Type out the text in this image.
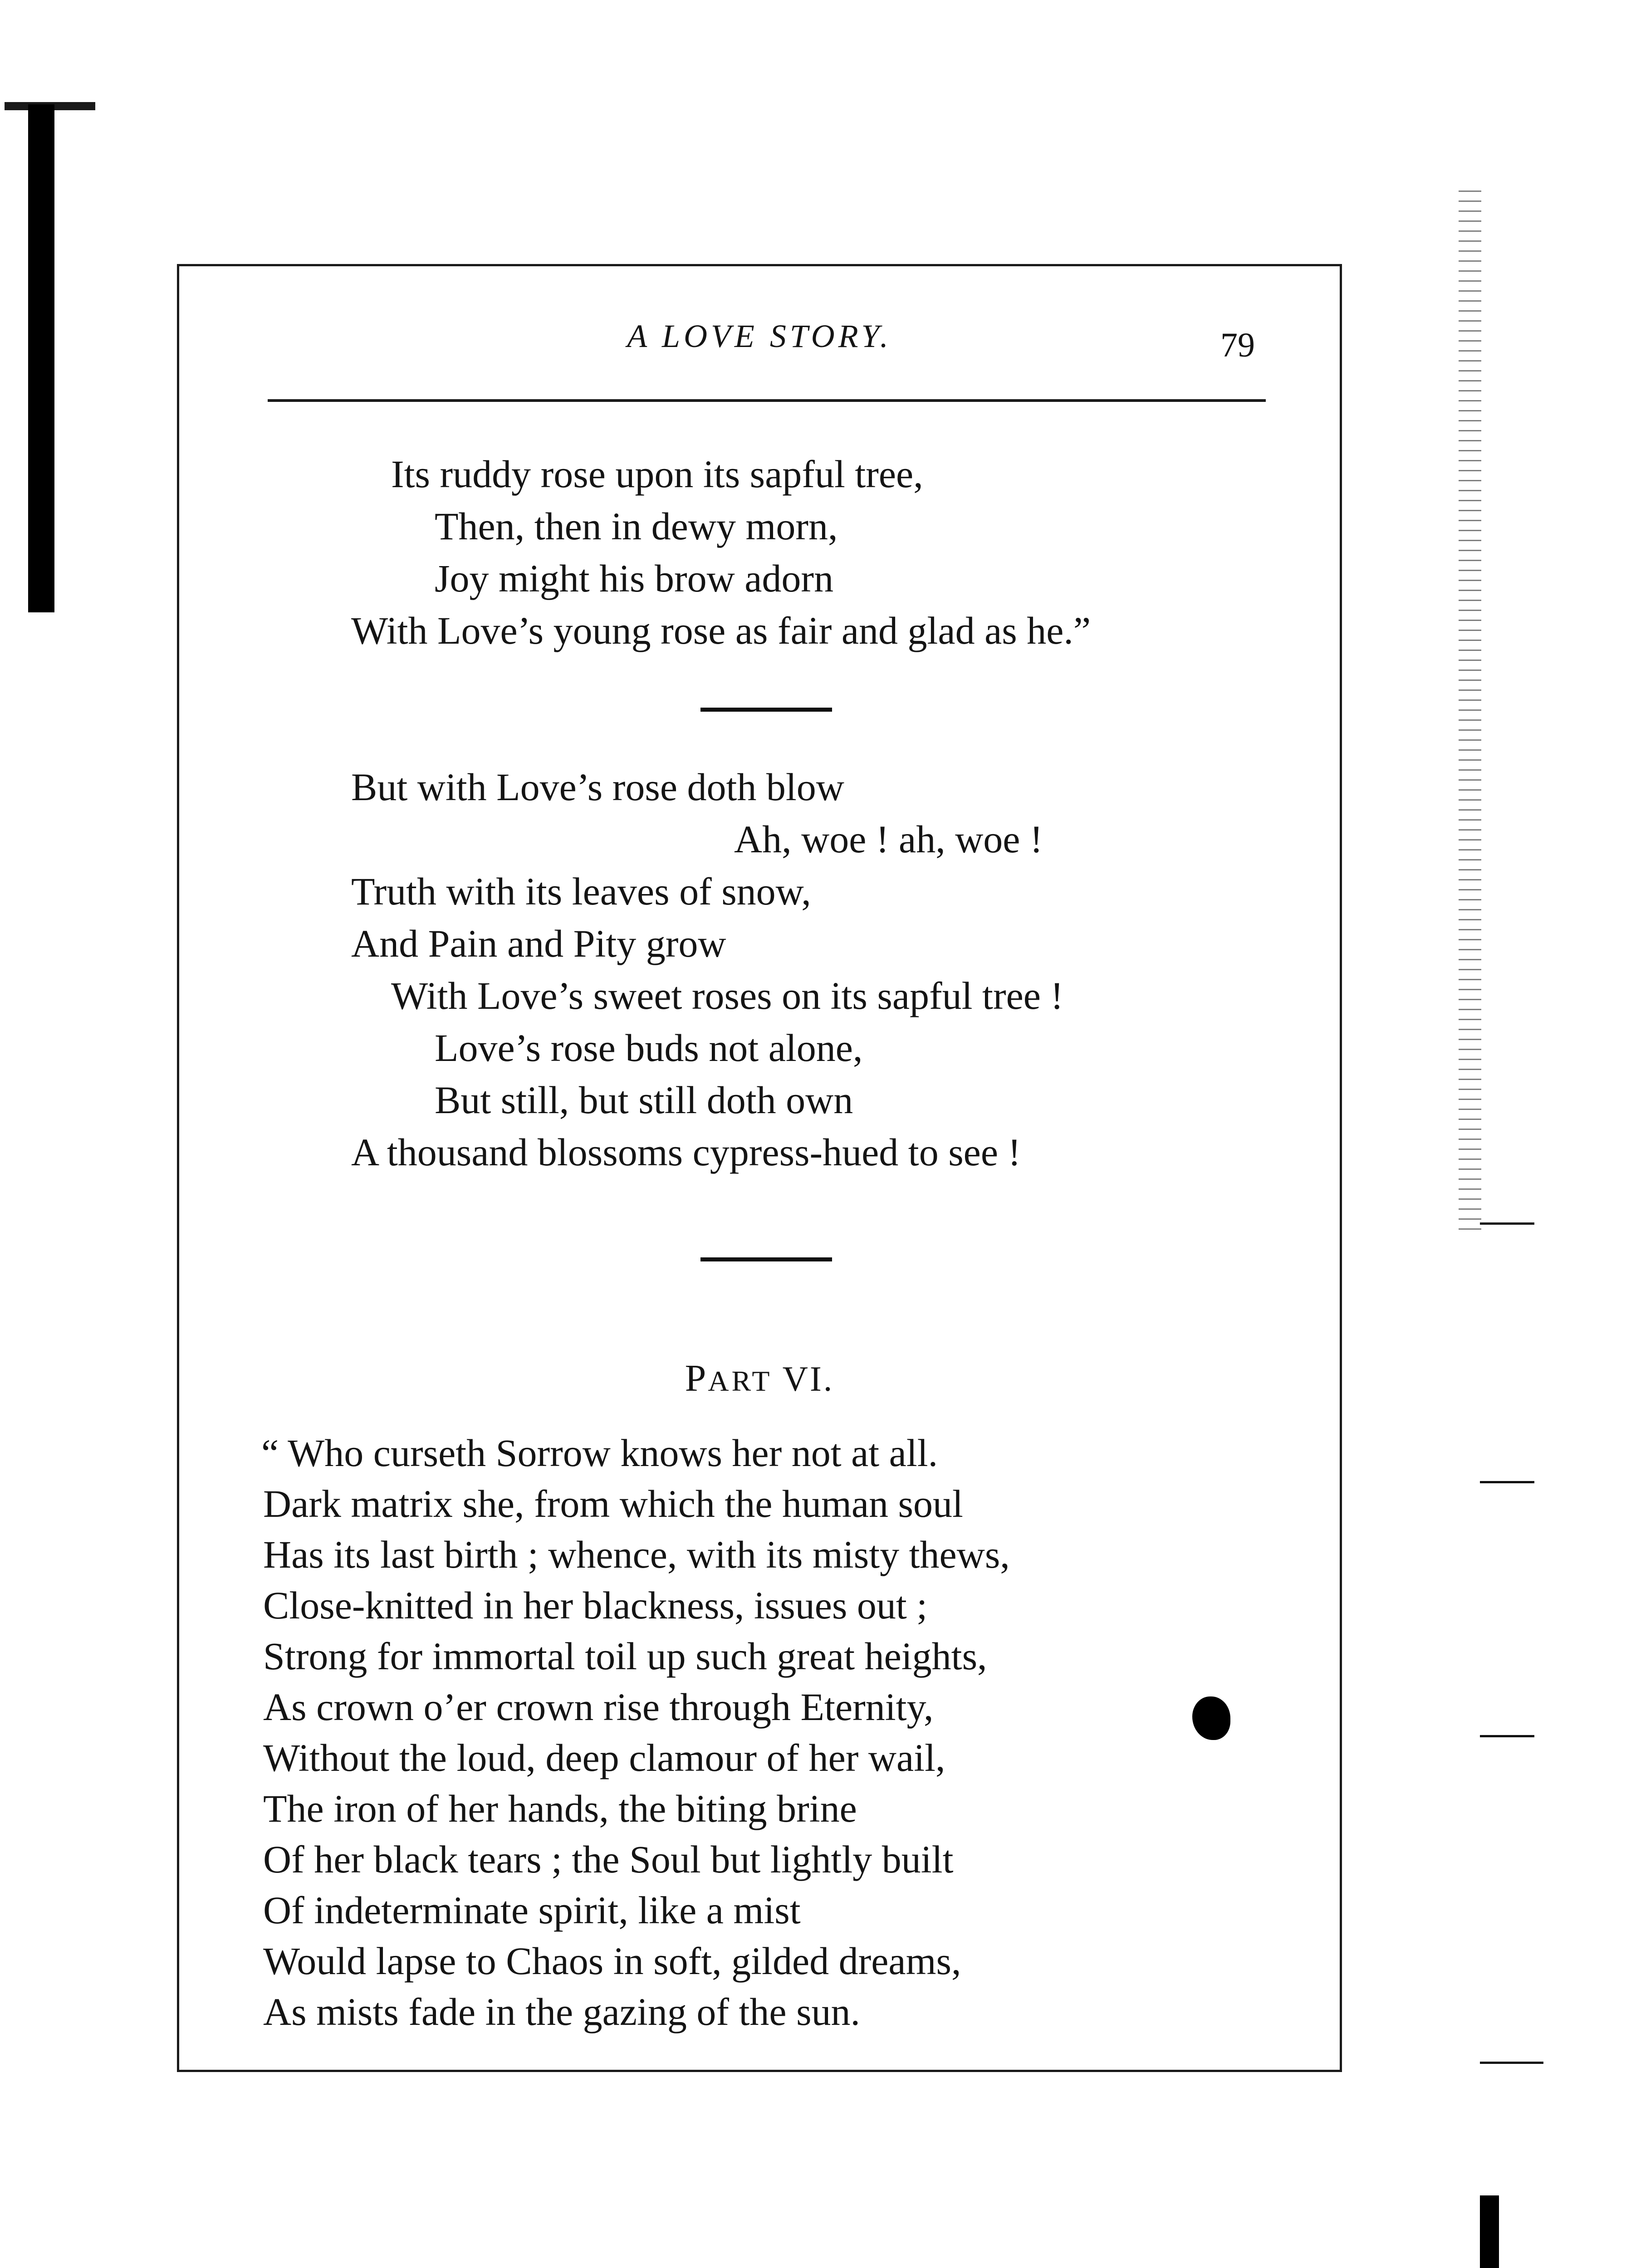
A LOVE STORY.	79
Its ruddy rose upon its sapful tree,
Then, then in dewy morn,
Joy might his brow adorn
With Love’s young rose as fair and glad as he.”
But with Love’s rose doth blow
Ah, woe ! ah, woe !
Truth with its leaves of snow,
And Pain and Pity grow
With Love’s sweet roses on its sapful tree !
Love’s rose buds not alone,
But still, but still doth own
A thousand blossoms cypress-hued to see !
PART VI.
“ Who curseth Sorrow knows her not at all.
Dark matrix she, from which the human soul
Has its last birth ; whence, with its misty thews,
Close-knitted in her blackness, issues out ;
Strong for immortal toil up such great heights,
As crown o’er crown rise through Eternity,
Without the loud, deep clamour of her wail,
The iron of her hands, the biting brine
Of her black tears ; the Soul but lightly built
Of indeterminate spirit, like a mist
Would lapse to Chaos in soft, gilded dreams,
As mists fade in the gazing of the sun.
